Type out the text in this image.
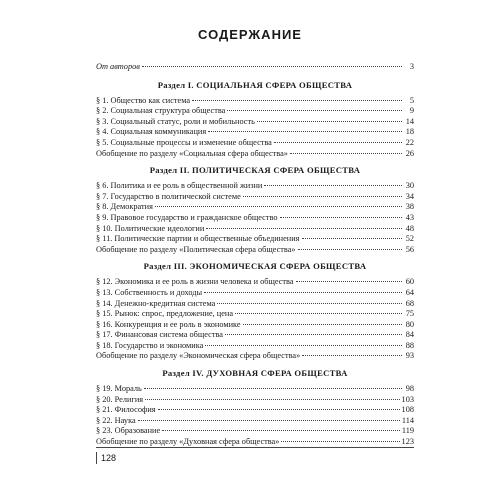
СОДЕРЖАНИЕ
От авторов	3
Раздел I. СОЦИАЛЬНАЯ СФЕРА ОБЩЕСТВА
§ 1. Общество как система	5
§ 2. Социальная структура общества	9
§ 3. Социальный статус, роли и мобильность	14
§ 4. Социальная коммуникация	18
§ 5. Социальные процессы и изменение общества	22
Обобщение по разделу «Социальная сфера общества»	26
Раздел II. ПОЛИТИЧЕСКАЯ СФЕРА ОБЩЕСТВА
§ 6. Политика и ее роль в общественной жизни	30
§ 7. Государство в политической системе	34
§ 8. Демократия	38
§ 9. Правовое государство и гражданское общество	43
§ 10. Политические идеологии	48
§ 11. Политические партии и общественные объединения	52
Обобщение по разделу «Политическая сфера общества»	56
Раздел III. ЭКОНОМИЧЕСКАЯ СФЕРА ОБЩЕСТВА
§ 12. Экономика и ее роль в жизни человека и общества	60
§ 13. Собственность и доходы	64
§ 14. Денежно-кредитная система	68
§ 15. Рынок: спрос, предложение, цена	75
§ 16. Конкуренция и ее роль в экономике	80
§ 17. Финансовая система общества	84
§ 18. Государство и экономика	88
Обобщение по разделу «Экономическая сфера общества»	93
Раздел IV. ДУХОВНАЯ СФЕРА ОБЩЕСТВА
§ 19. Мораль	98
§ 20. Религия	103
§ 21. Философия	108
§ 22. Наука	114
§ 23. Образование	119
Обобщение по разделу «Духовная сфера общества»	123
128
